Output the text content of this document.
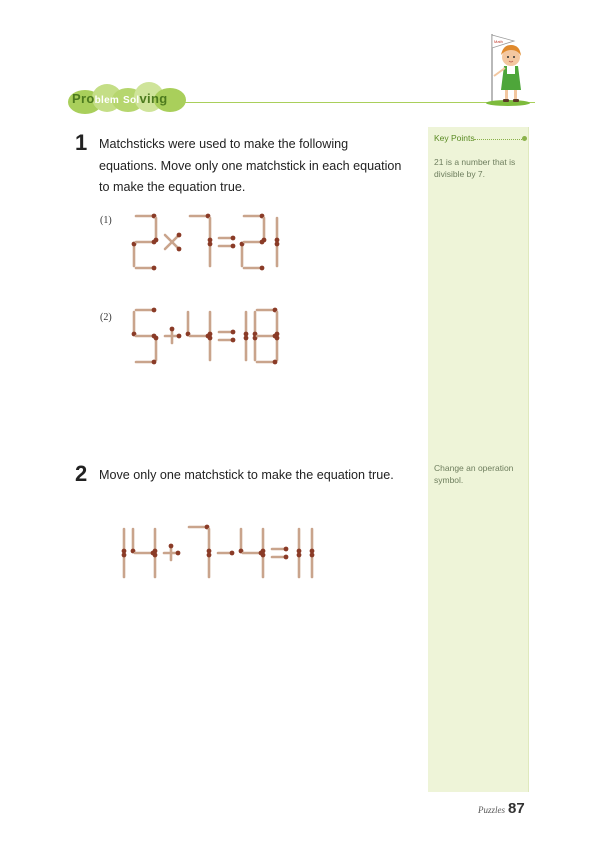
Problem Solving
Math
Key Points
21 is a number that is divisible by 7.
Change an operation symbol.
1 Matchsticks were used to make the following equations. Move only one matchstick in each equation to make the equation true.
(1)
(2)
2 Move only one matchstick to make the equation true.
Puzzles 87
